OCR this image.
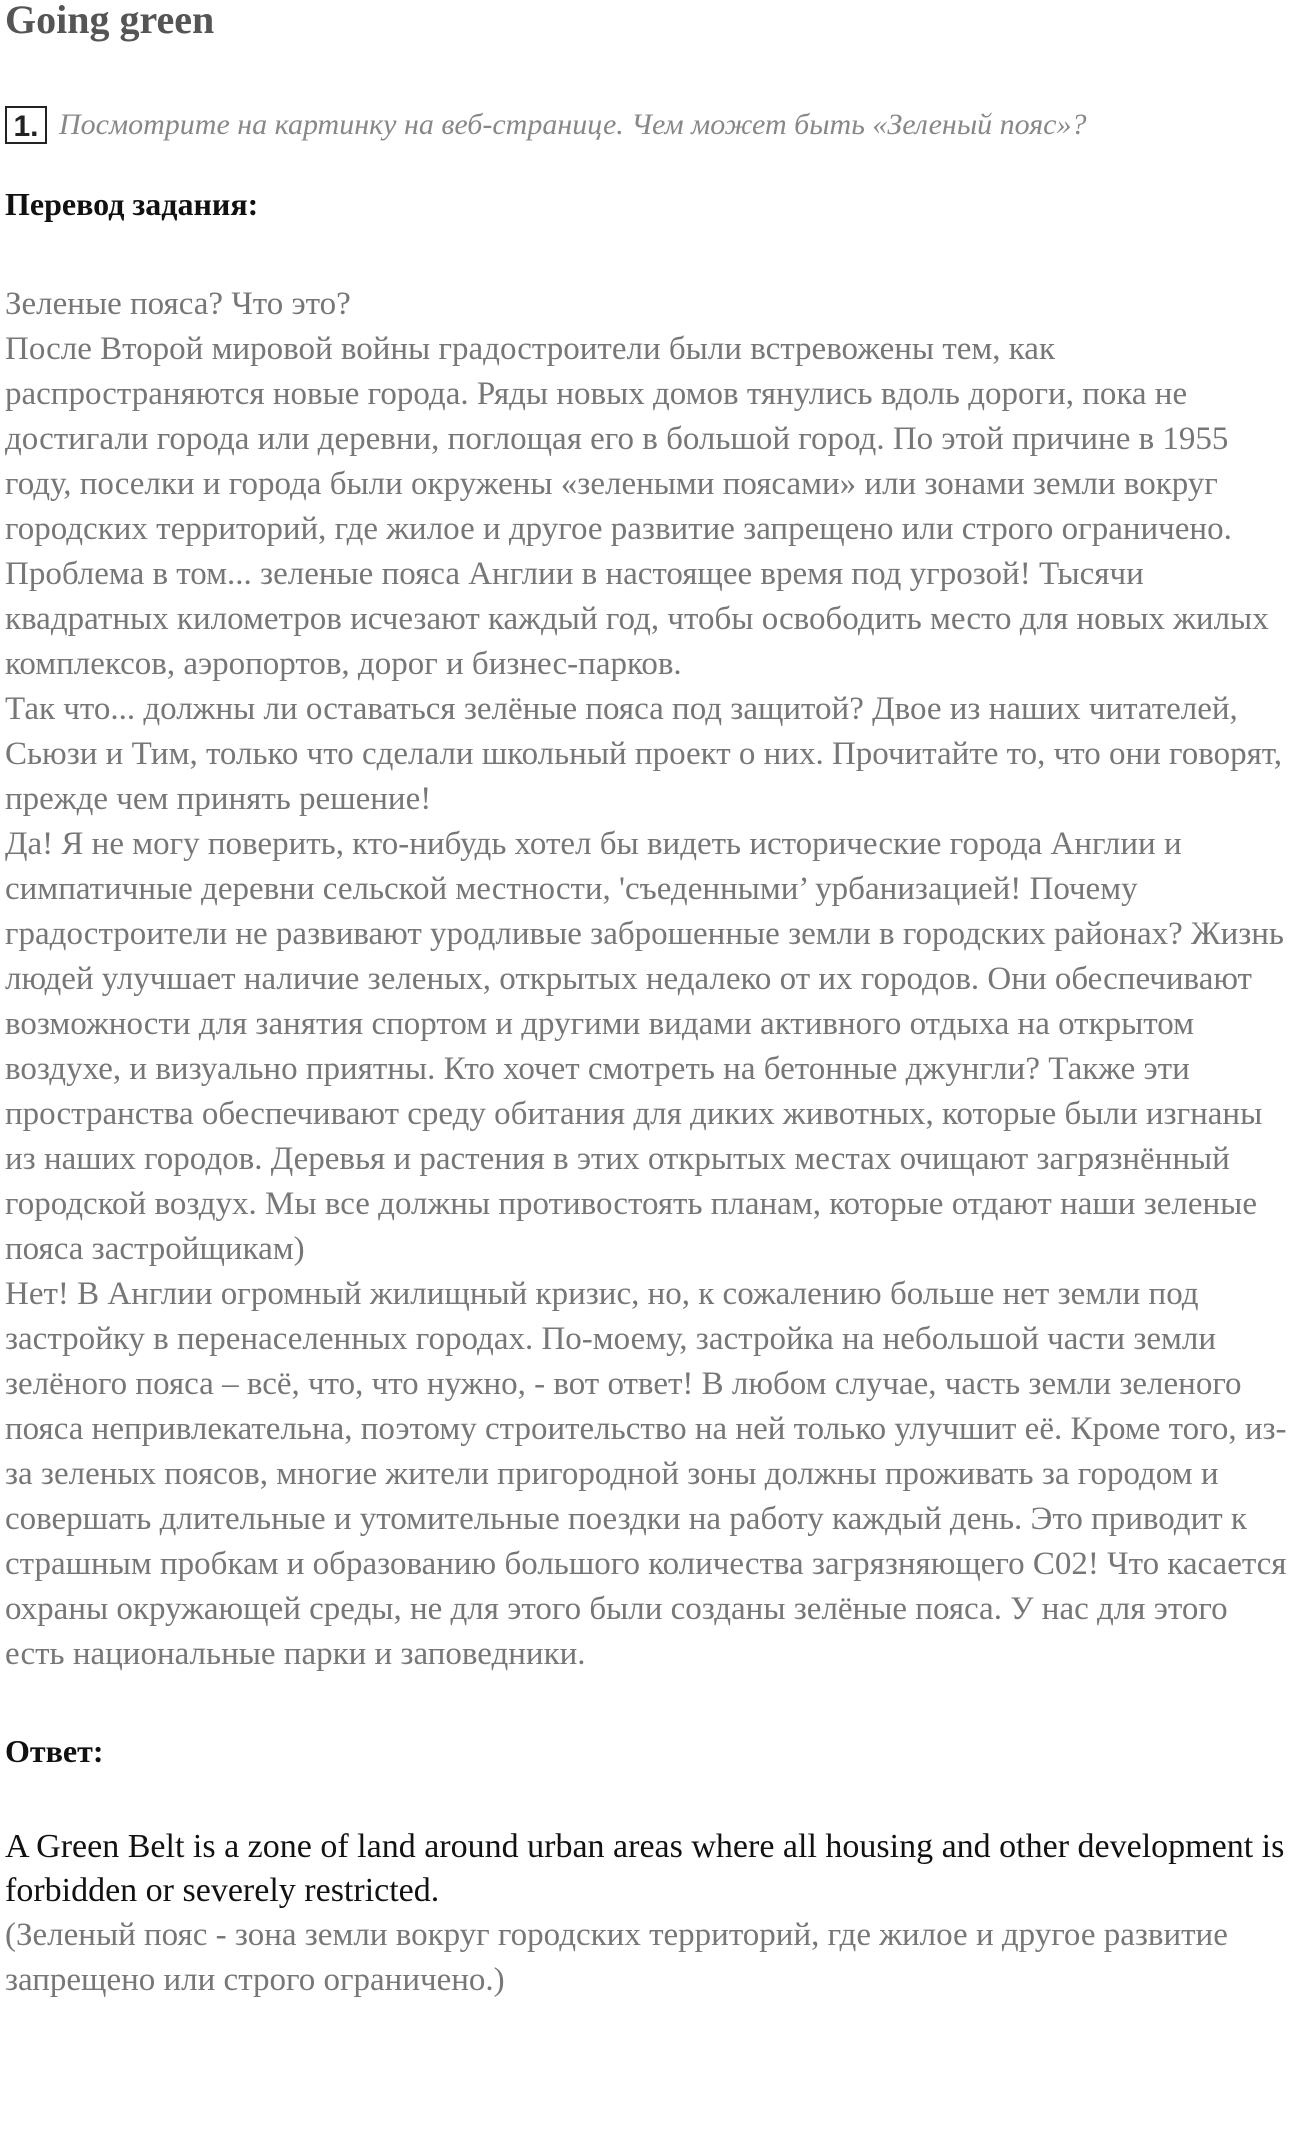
Going green
1. Посмотрите на картинку на веб-странице. Чем может быть «Зеленый пояс»?
Перевод задания:

Зеленые пояса? Что это?

После Второй мировой войны градостроители были встревожены тем, как распространяются новые города. Ряды новых домов тянулись вдоль дороги, пока не достигали города или деревни, поглощая его в большой город. По этой причине в 1955 году, поселки и города были окружены «зелеными поясами» или зонами земли вокруг городских территорий, где жилое и другое развитие запрещено или строго ограничено. Проблема в том... зеленые пояса Англии в настоящее время под угрозой! Тысячи квадратных километров исчезают каждый год, чтобы освободить место для новых жилых комплексов, аэропортов, дорог и бизнес-парков.

Так что... должны ли оставаться зелёные пояса под защитой? Двое из наших читателей, Сьюзи и Тим, только что сделали школьный проект о них. Прочитайте то, что они говорят, прежде чем принять решение!

Да! Я не могу поверить, кто-нибудь хотел бы видеть исторические города Англии и симпатичные деревни сельской местности, 'съеденными’ урбанизацией! Почему градостроители не развивают уродливые заброшенные земли в городских районах? Жизнь людей улучшает наличие зеленых, открытых недалеко от их городов. Они обеспечивают возможности для занятия спортом и другими видами активного отдыха на открытом воздухе, и визуально приятны. Кто хочет смотреть на бетонные джунгли? Также эти пространства обеспечивают среду обитания для диких животных, которые были изгнаны из наших городов. Деревья и растения в этих открытых местах очищают загрязнённый городской воздух. Мы все должны противостоять планам, которые отдают наши зеленые пояса застройщикам)

Нет! В Англии огромный жилищный кризис, но, к сожалению больше нет земли под застройку в перенаселенных городах. По-моему, застройка на небольшой части земли зелёного пояса – всё, что, что нужно, - вот ответ! В любом случае, часть земли зеленого пояса непривлекательна, поэтому строительство на ней только улучшит её. Кроме того, из-за зеленых поясов, многие жители пригородной зоны должны проживать за городом и совершать длительные и утомительные поездки на работу каждый день. Это приводит к страшным пробкам и образованию большого количества загрязняющего C02! Что касается охраны окружающей среды, не для этого были созданы зелёные пояса. У нас для этого есть национальные парки и заповедники.

Ответ:
A Green Belt is a zone of land around urban areas where all housing and other development is forbidden or severely restricted.
(Зеленый пояс - зона земли вокруг городских территорий, где жилое и другое развитие запрещено или строго ограничено.)
